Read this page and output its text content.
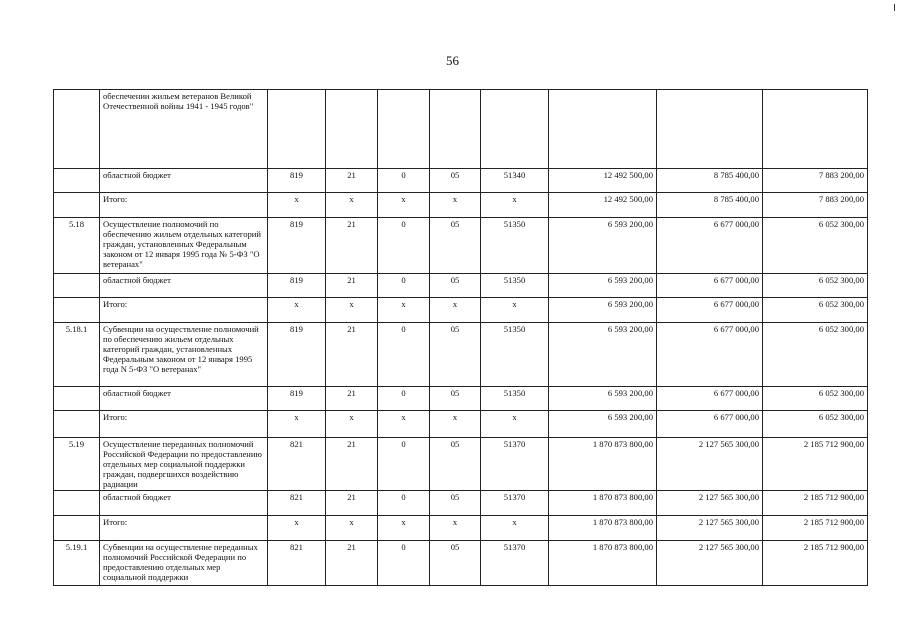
56
	обеспечении жильем ветеранов Великой Отечественной войны 1941 - 1945 годов"								
	областной бюджет	819	21	0	05	51340	12 492 500,00	8 785 400,00	7 883 200,00
	Итого:	x	x	x	x	x	12 492 500,00	8 785 400,00	7 883 200,00
5.18	Осуществление полномочий по обеспечению жильем отдельных категорий граждан, установленных Федеральным законом от 12 января 1995 года № 5-ФЗ "О ветеранах"	819	21	0	05	51350	6 593 200,00	6 677 000,00	6 052 300,00
	областной бюджет	819	21	0	05	51350	6 593 200,00	6 677 000,00	6 052 300,00
	Итого:	x	x	x	x	x	6 593 200,00	6 677 000,00	6 052 300,00
5.18.1	Субвенции на осуществление полномочий по обеспечению жильем отдельных категорий граждан, установленных Федеральным законом от 12 января 1995 года N 5-ФЗ "О ветеранах"	819	21	0	05	51350	6 593 200,00	6 677 000,00	6 052 300,00
	областной бюджет	819	21	0	05	51350	6 593 200,00	6 677 000,00	6 052 300,00
	Итого:	x	x	x	x	x	6 593 200,00	6 677 000,00	6 052 300,00
5.19	Осуществление переданных полномочий Российской Федерации по предоставлению отдельных мер социальной поддержки граждан, подвергшихся воздействию радиации	821	21	0	05	51370	1 870 873 800,00	2 127 565 300,00	2 185 712 900,00
	областной бюджет	821	21	0	05	51370	1 870 873 800,00	2 127 565 300,00	2 185 712 900,00
	Итого:	x	x	x	x	x	1 870 873 800,00	2 127 565 300,00	2 185 712 900,00
5.19.1	Субвенции на осуществление переданных полномочий Российской Федерации по предоставлению отдельных мер социальной поддержки	821	21	0	05	51370	1 870 873 800,00	2 127 565 300,00	2 185 712 900,00
